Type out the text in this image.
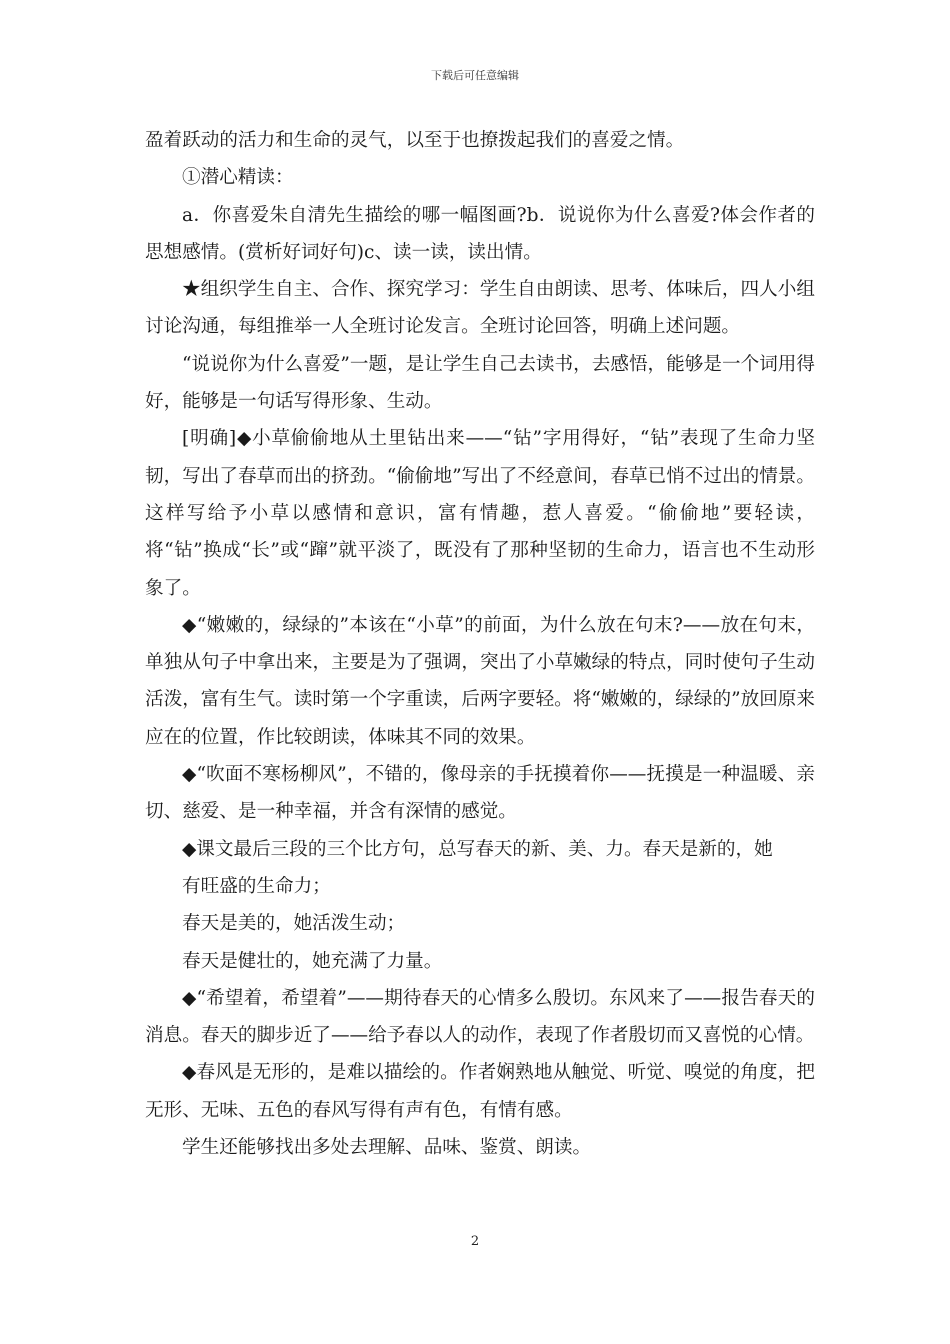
下载后可任意编辑

盈着跃动的活力和生命的灵气，以至于也撩拨起我们的喜爱之情。

①潜心精读：

a．你喜爱朱自清先生描绘的哪一幅图画?b．说说你为什么喜爱?体会作者的思想感情。(赏析好词好句)c、读一读，读出情。

★组织学生自主、合作、探究学习：学生自由朗读、思考、体味后，四人小组讨论沟通，每组推举一人全班讨论发言。全班讨论回答，明确上述问题。

“说说你为什么喜爱”一题，是让学生自己去读书，去感悟，能够是一个词用得好，能够是一句话写得形象、生动。

[明确]◆小草偷偷地从土里钻出来——“钻”字用得好，“钻”表现了生命力坚韧，写出了春草而出的挤劲。“偷偷地”写出了不经意间，春草已悄不过出的情景。这样写给予小草以感情和意识，富有情趣，惹人喜爱。“偷偷地”要轻读，将“钻”换成“长”或“蹿”就平淡了，既没有了那种坚韧的生命力，语言也不生动形象了。

◆“嫩嫩的，绿绿的”本该在“小草”的前面，为什么放在句末?——放在句末，单独从句子中拿出来，主要是为了强调，突出了小草嫩绿的特点，同时使句子生动活泼，富有生气。读时第一个字重读，后两字要轻。将“嫩嫩的，绿绿的”放回原来应在的位置，作比较朗读，体味其不同的效果。

◆“吹面不寒杨柳风”，不错的，像母亲的手抚摸着你——抚摸是一种温暖、亲切、慈爱、是一种幸福，并含有深情的感觉。

◆课文最后三段的三个比方句，总写春天的新、美、力。春天是新的，她

有旺盛的生命力；

春天是美的，她活泼生动；

春天是健壮的，她充满了力量。

◆“希望着，希望着”——期待春天的心情多么殷切。东风来了——报告春天的消息。春天的脚步近了——给予春以人的动作，表现了作者殷切而又喜悦的心情。

◆春风是无形的，是难以描绘的。作者娴熟地从触觉、听觉、嗅觉的角度，把无形、无味、五色的春风写得有声有色，有情有感。

学生还能够找出多处去理解、品味、鉴赏、朗读。

2
